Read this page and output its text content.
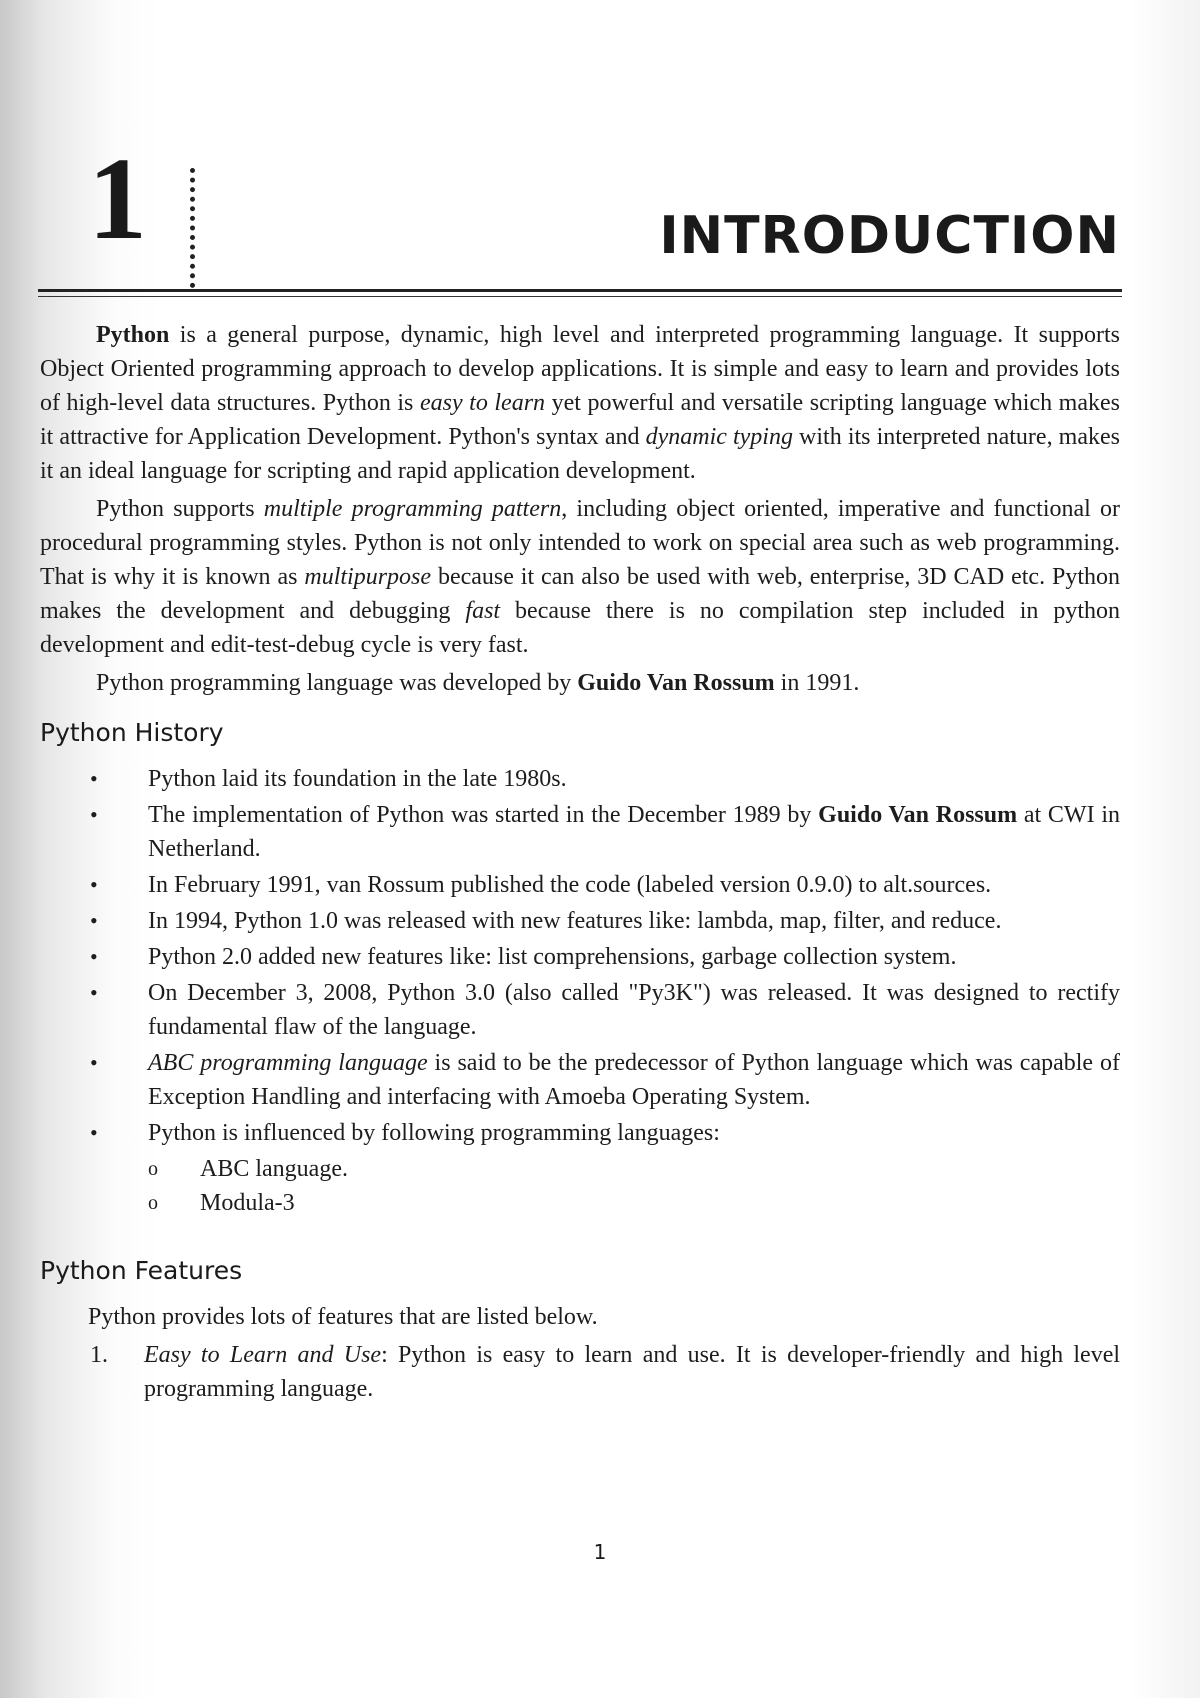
1	INTRODUCTION

Python is a general purpose, dynamic, high level and interpreted programming language. It supports Object Oriented programming approach to develop applications. It is simple and easy to learn and provides lots of high-level data structures. Python is easy to learn yet powerful and versatile scripting language which makes it attractive for Application Development. Python's syntax and dynamic typing with its interpreted nature, makes it an ideal language for scripting and rapid application development.

Python supports multiple programming pattern, including object oriented, imperative and functional or procedural programming styles. Python is not only intended to work on special area such as web programming. That is why it is known as multipurpose because it can also be used with web, enterprise, 3D CAD etc. Python makes the development and debugging fast because there is no compilation step included in python development and edit-test-debug cycle is very fast.

Python programming language was developed by Guido Van Rossum in 1991.

Python History
• Python laid its foundation in the late 1980s.
• The implementation of Python was started in the December 1989 by Guido Van Rossum at CWI in Netherland.
• In February 1991, van Rossum published the code (labeled version 0.9.0) to alt.sources.
• In 1994, Python 1.0 was released with new features like: lambda, map, filter, and reduce.
• Python 2.0 added new features like: list comprehensions, garbage collection system.
• On December 3, 2008, Python 3.0 (also called "Py3K") was released. It was designed to rectify fundamental flaw of the language.
• ABC programming language is said to be the predecessor of Python language which was capable of Exception Handling and interfacing with Amoeba Operating System.
• Python is influenced by following programming languages:
o ABC language.
o Modula-3
Python Features

Python provides lots of features that are listed below.

1. Easy to Learn and Use: Python is easy to learn and use. It is developer-friendly and high level programming language.
1
